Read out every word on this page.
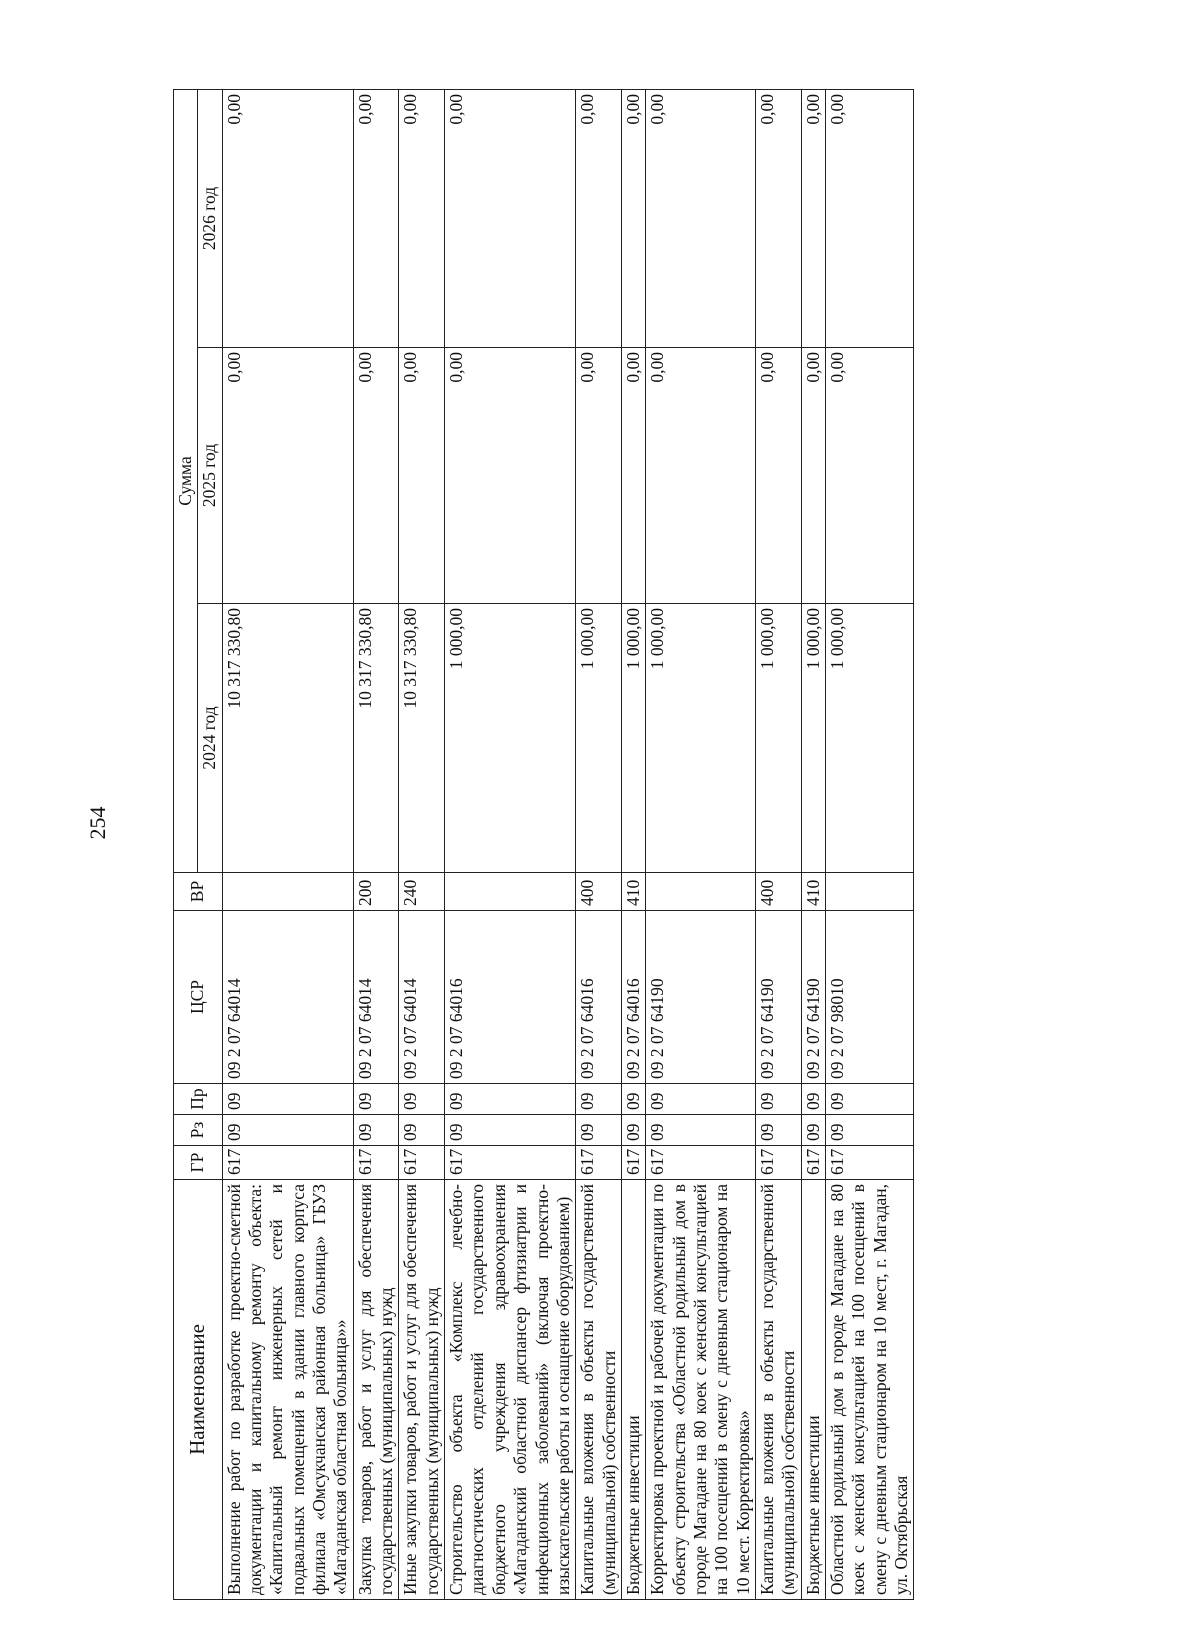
254
Наименование	ГР	Рз	Пр	ЦСР	ВР	Сумма		
						2024 год	2025 год	2026 год
Выполнение работ по разработке проектно-сметной документации и капитальному ремонту объекта: «Капитальный ремонт инженерных сетей и подвальных помещений в здании главного корпуса филиала «Омсукчанская районная больница» ГБУЗ «Магаданская областная больница»»	617	09	09	09 2 07 64014		10 317 330,80	0,00	0,00
Закупка товаров, работ и услуг для обеспечения государственных (муниципальных) нужд	617	09	09	09 2 07 64014	200	10 317 330,80	0,00	0,00
Иные закупки товаров, работ и услуг для обеспечения государственных (муниципальных) нужд	617	09	09	09 2 07 64014	240	10 317 330,80	0,00	0,00
Строительство объекта «Комплекс лечебно-диагностических отделений государственного бюджетного учреждения здравоохранения «Магаданский областной диспансер фтизиатрии и инфекционных заболеваний» (включая проектно-изыскательские работы и оснащение оборудованием)	617	09	09	09 2 07 64016		1 000,00	0,00	0,00
Капитальные вложения в объекты государственной (муниципальной) собственности	617	09	09	09 2 07 64016	400	1 000,00	0,00	0,00
Бюджетные инвестиции	617	09	09	09 2 07 64016	410	1 000,00	0,00	0,00
Корректировка проектной и рабочей документации по объекту строительства «Областной родильный дом в городе Магадане на 80 коек с женской консультацией на 100 посещений в смену с дневным стационаром на 10 мест. Корректировка»	617	09	09	09 2 07 64190		1 000,00	0,00	0,00
Капитальные вложения в объекты государственной (муниципальной) собственности	617	09	09	09 2 07 64190	400	1 000,00	0,00	0,00
Бюджетные инвестиции	617	09	09	09 2 07 64190	410	1 000,00	0,00	0,00
Областной родильный дом в городе Магадане на 80 коек с женской консультацией на 100 посещений в смену с дневным стационаром на 10 мест, г. Магадан, ул. Октябрьская	617	09	09	09 2 07 98010		1 000,00	0,00	0,00
